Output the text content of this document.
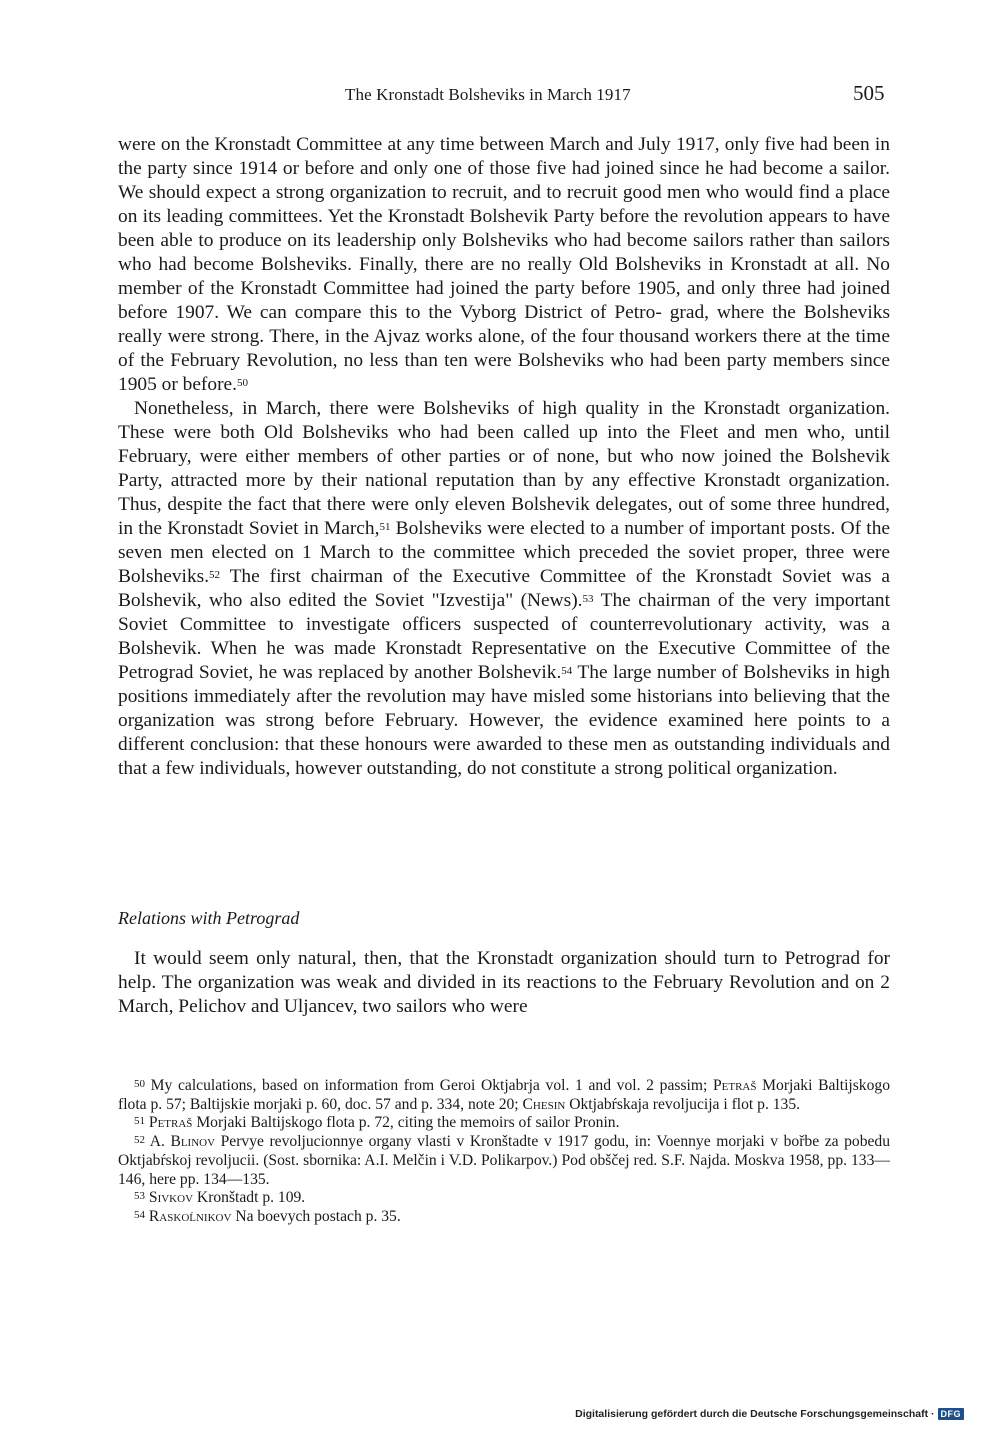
The Kronstadt Bolsheviks in March 1917	505

were on the Kronstadt Committee at any time between March and July 1917, only five had been in the party since 1914 or before and only one of those five had joined since he had become a sailor. We should expect a strong organization to recruit, and to recruit good men who would find a place on its leading committees. Yet the Kronstadt Bolshevik Party before the revolution appears to have been able to produce on its leadership only Bolsheviks who had become sailors rather than sailors who had become Bolsheviks. Finally, there are no really Old Bolsheviks in Kronstadt at all. No member of the Kronstadt Committee had joined the party before 1905, and only three had joined before 1907. We can compare this to the Vyborg District of Petro- grad, where the Bolsheviks really were strong. There, in the Ajvaz works alone, of the four thousand workers there at the time of the February Revolution, no less than ten were Bolsheviks who had been party members since 1905 or before.$^{50}$

Nonetheless, in March, there were Bolsheviks of high quality in the Kronstadt organization. These were both Old Bolsheviks who had been called up into the Fleet and men who, until February, were either members of other parties or of none, but who now joined the Bolshevik Party, attracted more by their national reputation than by any effective Kronstadt organization. Thus, despite the fact that there were only eleven Bolshevik delegates, out of some three hundred, in the Kronstadt Soviet in March,$^{51}$ Bolsheviks were elected to a number of important posts. Of the seven men elected on 1 March to the committee which preceded the soviet proper, three were Bolsheviks.$^{52}$ The first chairman of the Executive Committee of the Kronstadt Soviet was a Bolshevik, who also edited the Soviet "Izvestija" (News).$^{53}$ The chairman of the very important Soviet Committee to investigate officers suspected of counterrevolutionary activity, was a Bolshevik. When he was made Kronstadt Representative on the Executive Committee of the Petrograd Soviet, he was replaced by another Bolshevik.$^{54}$ The large number of Bolsheviks in high positions immediately after the revolution may have misled some historians into believing that the organization was strong before February. However, the evidence examined here points to a different conclusion: that these honours were awarded to these men as outstanding individuals and that a few individuals, however outstanding, do not constitute a strong political organization.

Relations with Petrograd

It would seem only natural, then, that the Kronstadt organization should turn to Petrograd for help. The organization was weak and divided in its reactions to the February Revolution and on 2 March, Pelichov and Uljancev, two sailors who were

$^{50}$ My calculations, based on information from Geroi Oktjabrja vol. 1 and vol. 2 passim; Petraš Morjaki Baltijskogo flota p. 57; Baltijskie morjaki p. 60, doc. 57 and p. 334, note 20; Chesin Oktjabŕskaja revoljucija i flot p. 135.

$^{51}$ Petraš Morjaki Baltijskogo flota p. 72, citing the memoirs of sailor Pronin.

$^{52}$ A. Blinov Pervye revoljucionnye organy vlasti v Kronštadte v 1917 godu, in: Voennye morjaki v bořbe za pobedu Oktjabŕskoj revoljucii. (Sost. sbornika: A.I. Melčin i V.D. Polikarpov.) Pod obščej red. S.F. Najda. Moskva 1958, pp. 133—146, here pp. 134—135.

$^{53}$ Sivkov Kronštadt p. 109.

$^{54}$ Raskoĺnikov Na boevych postach p. 35.

Digitalisierung gefördert durch die Deutsche Forschungsgemeinschaft · DFG
